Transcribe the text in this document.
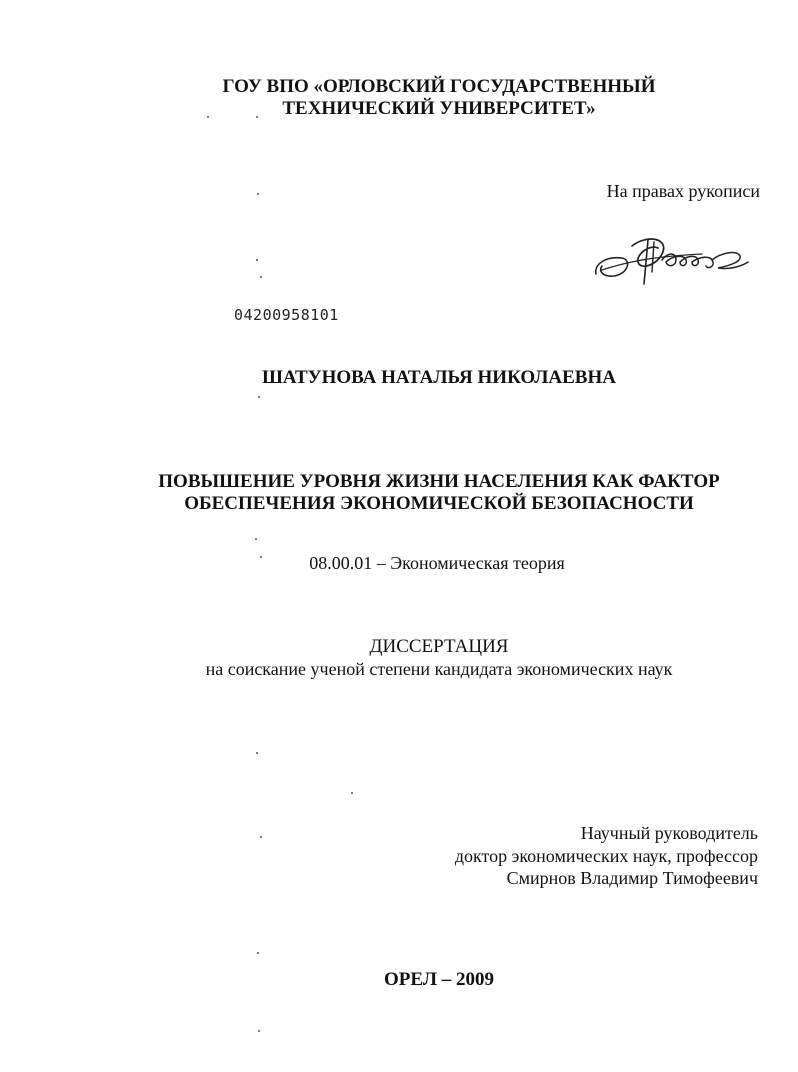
ГОУ ВПО «ОРЛОВСКИЙ ГОСУДАРСТВЕННЫЙ
ТЕХНИЧЕСКИЙ УНИВЕРСИТЕТ»
На правах рукописи
04200958101
ШАТУНОВА НАТАЛЬЯ НИКОЛАЕВНА
ПОВЫШЕНИЕ УРОВНЯ ЖИЗНИ НАСЕЛЕНИЯ КАК ФАКТОР
ОБЕСПЕЧЕНИЯ ЭКОНОМИЧЕСКОЙ БЕЗОПАСНОСТИ
08.00.01 – Экономическая теория
ДИССЕРТАЦИЯ
на соискание ученой степени кандидата экономических наук
Научный руководитель
доктор экономических наук, профессор
Смирнов Владимир Тимофеевич
ОРЕЛ – 2009
